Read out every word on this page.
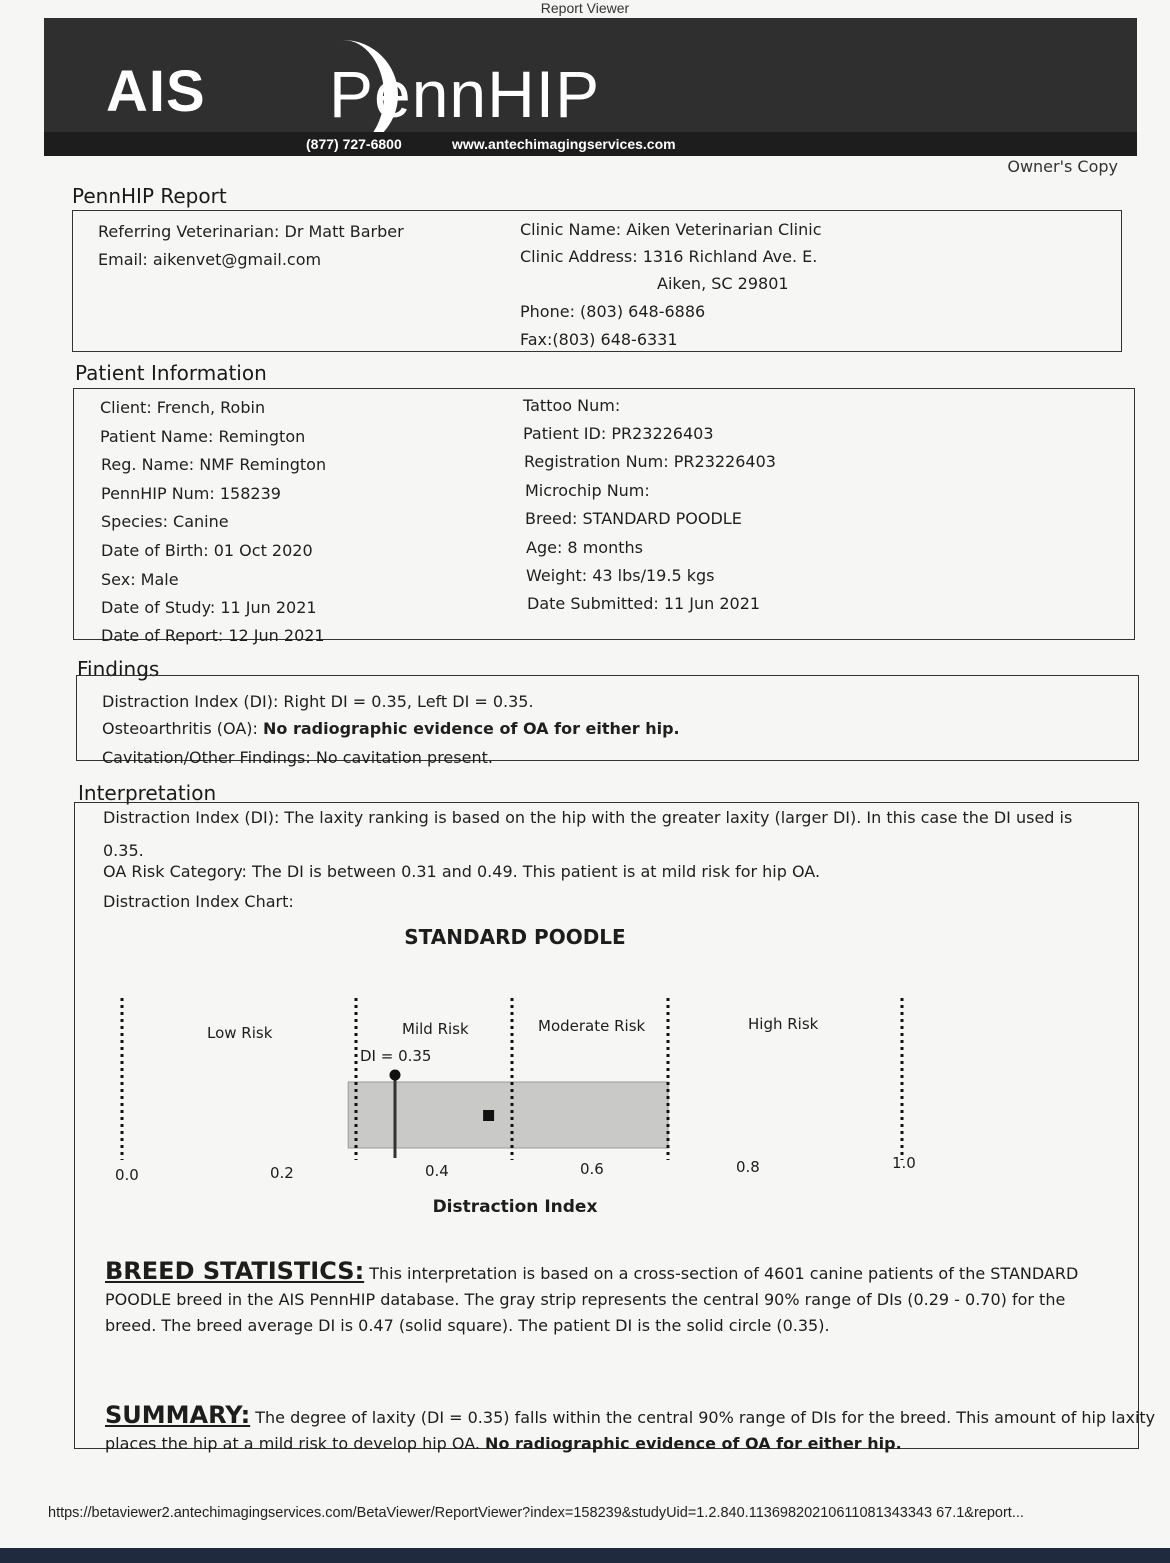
Report Viewer
AIS PennHIP
(877) 727-6800	www.antechimagingservices.com
Owner's Copy
PennHIP Report
Referring Veterinarian: Dr Matt Barber
Email: aikenvet@gmail.com
Clinic Name: Aiken Veterinarian Clinic
Clinic Address: 1316 Richland Ave. E.
Aiken, SC 29801
Phone: (803) 648-6886
Fax:(803) 648-6331
Patient Information
Client: French, Robin
Patient Name: Remington
Reg. Name: NMF Remington
PennHIP Num: 158239
Species: Canine
Date of Birth: 01 Oct 2020
Sex: Male
Date of Study: 11 Jun 2021
Date of Report: 12 Jun 2021
Tattoo Num:
Patient ID: PR23226403
Registration Num: PR23226403
Microchip Num:
Breed: STANDARD POODLE
Age: 8 months
Weight: 43 lbs/19.5 kgs
Date Submitted: 11 Jun 2021
Findings
Distraction Index (DI): Right DI = 0.35, Left DI = 0.35.
Osteoarthritis (OA): No radiographic evidence of OA for either hip.
Cavitation/Other Findings: No cavitation present.
Interpretation
Distraction Index (DI): The laxity ranking is based on the hip with the greater laxity (larger DI). In this case the DI used is
0.35.
OA Risk Category: The DI is between 0.31 and 0.49. This patient is at mild risk for hip OA.
Distraction Index Chart:
STANDARD POODLE
Low Risk	Mild Risk	Moderate Risk	High Risk
DI = 0.35
0.0	0.2	0.4	0.6	0.8	1.0
Distraction Index
BREED STATISTICS: This interpretation is based on a cross-section of 4601 canine patients of the STANDARD POODLE breed in the AIS PennHIP database. The gray strip represents the central 90% range of DIs (0.29 - 0.70) for the breed. The breed average DI is 0.47 (solid square). The patient DI is the solid circle (0.35).
SUMMARY: The degree of laxity (DI = 0.35) falls within the central 90% range of DIs for the breed. This amount of hip laxity places the hip at a mild risk to develop hip OA. No radiographic evidence of OA for either hip.
https://betaviewer2.antechimagingservices.com/BetaViewer/ReportViewer?index=158239&studyUid=1.2.840.11369820210611081343343 67.1&report...
